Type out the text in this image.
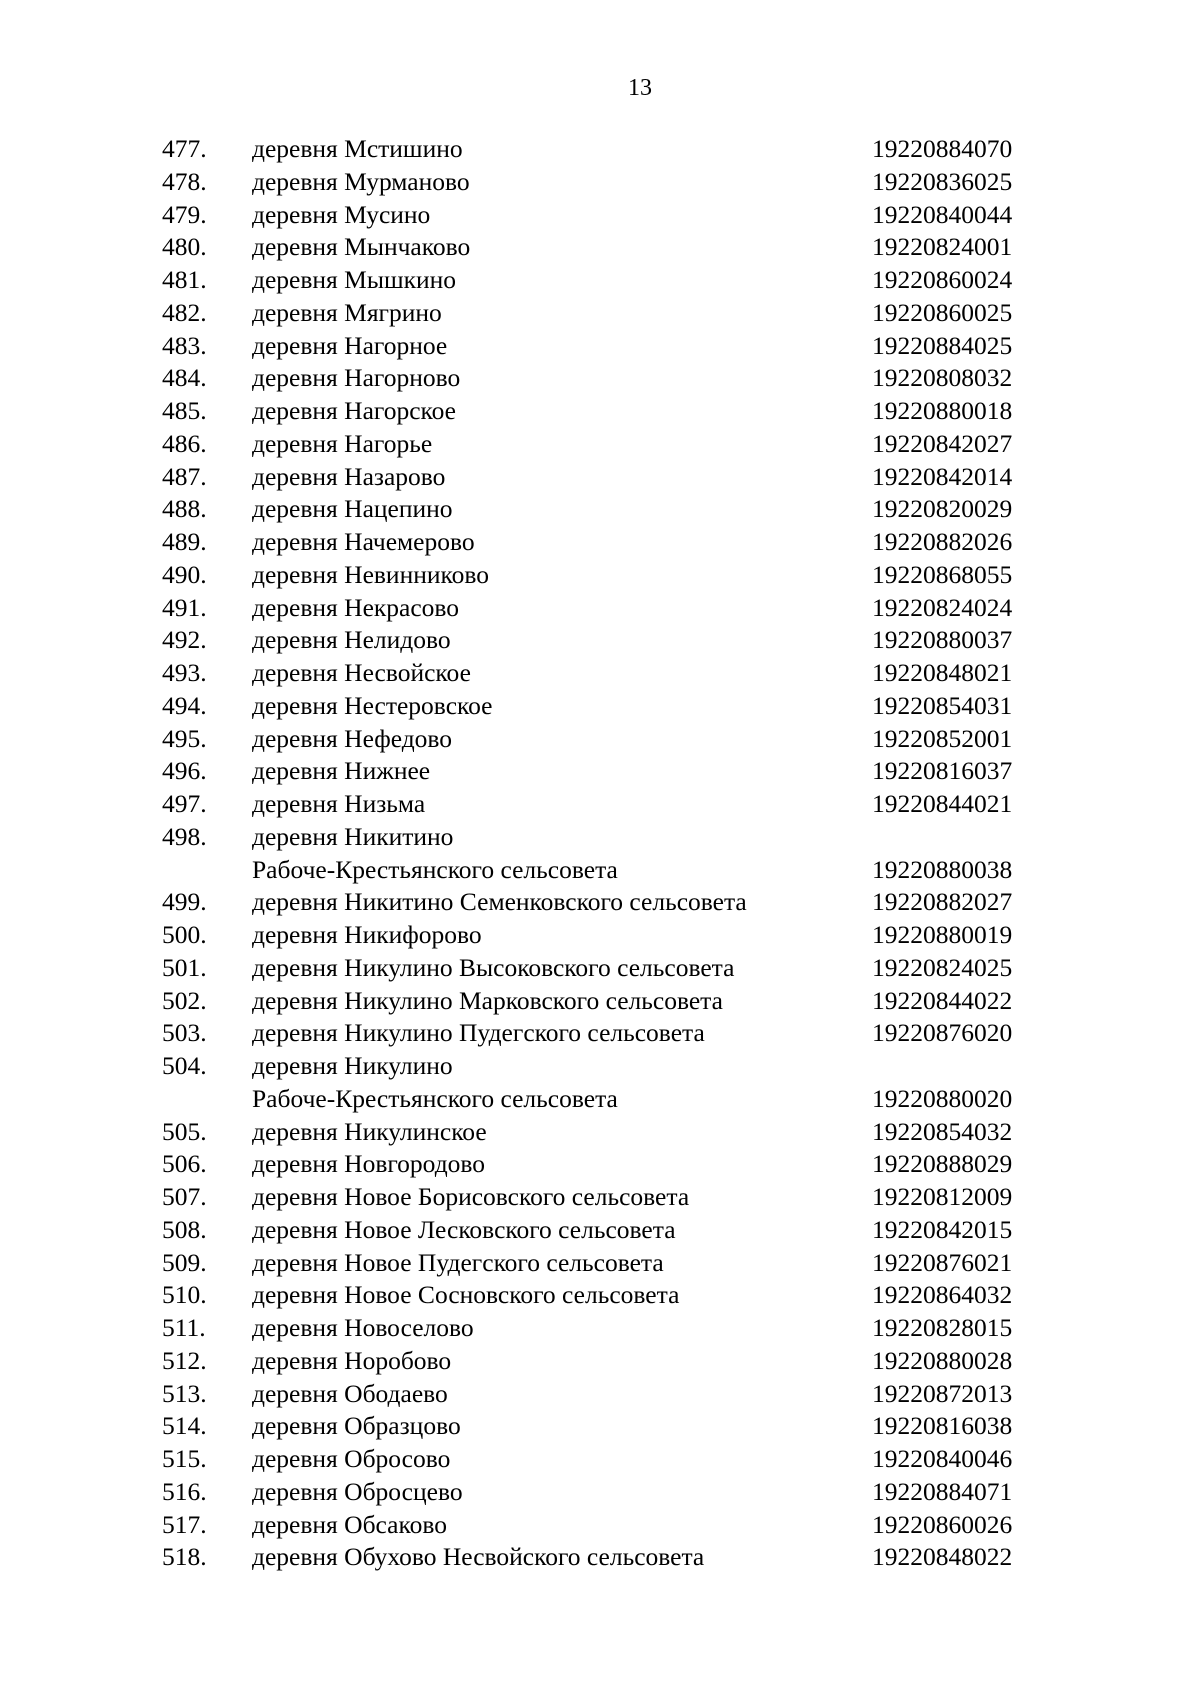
13
477. деревня Мстишино	19220884070
478. деревня Мурманово	19220836025
479. деревня Мусино	19220840044
480. деревня Мынчаково	19220824001
481. деревня Мышкино	19220860024
482. деревня Мягрино	19220860025
483. деревня Нагорное	19220884025
484. деревня Нагорново	19220808032
485. деревня Нагорское	19220880018
486. деревня Нагорье	19220842027
487. деревня Назарово	19220842014
488. деревня Нацепино	19220820029
489. деревня Начемерово	19220882026
490. деревня Невинниково	19220868055
491. деревня Некрасово	19220824024
492. деревня Нелидово	19220880037
493. деревня Несвойское	19220848021
494. деревня Нестеровское	19220854031
495. деревня Нефедово	19220852001
496. деревня Нижнее	19220816037
497. деревня Низьма	19220844021
498. деревня Никитино
Рабоче-Крестьянского сельсовета	19220880038
499. деревня Никитино Семенковского сельсовета	19220882027
500. деревня Никифорово	19220880019
501. деревня Никулино Высоковского сельсовета	19220824025
502. деревня Никулино Марковского сельсовета	19220844022
503. деревня Никулино Пудегского сельсовета	19220876020
504. деревня Никулино
Рабоче-Крестьянского сельсовета	19220880020
505. деревня Никулинское	19220854032
506. деревня Новгородово	19220888029
507. деревня Новое Борисовского сельсовета	19220812009
508. деревня Новое Лесковского сельсовета	19220842015
509. деревня Новое Пудегского сельсовета	19220876021
510. деревня Новое Сосновского сельсовета	19220864032
511. деревня Новоселово	19220828015
512. деревня Норобово	19220880028
513. деревня Ободаево	19220872013
514. деревня Образцово	19220816038
515. деревня Обросово	19220840046
516. деревня Обросцево	19220884071
517. деревня Обсаково	19220860026
518. деревня Обухово Несвойского сельсовета	19220848022
